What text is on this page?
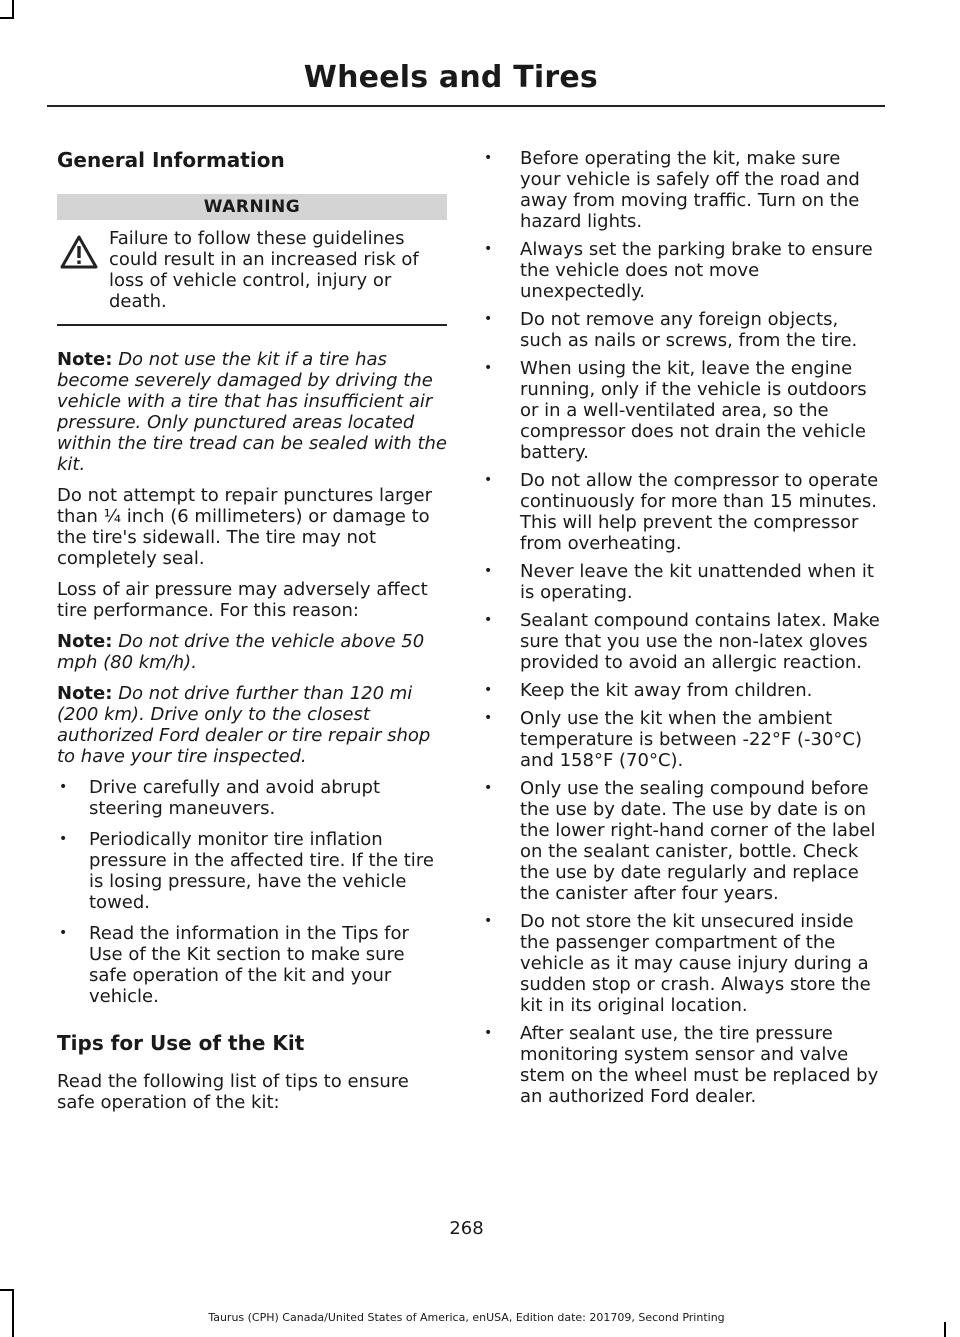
Wheels and Tires
General Information
WARNING

Failure to follow these guidelines could result in an increased risk of loss of vehicle control, injury or death.

Note: Do not use the kit if a tire has become severely damaged by driving the vehicle with a tire that has insufficient air pressure. Only punctured areas located within the tire tread can be sealed with the kit.

Do not attempt to repair punctures larger than ¼ inch (6 millimeters) or damage to the tire's sidewall. The tire may not completely seal.

Loss of air pressure may adversely affect tire performance. For this reason:

Note: Do not drive the vehicle above 50 mph (80 km/h).

Note: Do not drive further than 120 mi (200 km). Drive only to the closest authorized Ford dealer or tire repair shop to have your tire inspected.

• Drive carefully and avoid abrupt steering maneuvers.
• Periodically monitor tire inflation pressure in the affected tire. If the tire is losing pressure, have the vehicle towed.
• Read the information in the Tips for Use of the Kit section to make sure safe operation of the kit and your vehicle.
Tips for Use of the Kit

Read the following list of tips to ensure safe operation of the kit:

• Before operating the kit, make sure your vehicle is safely off the road and away from moving traffic. Turn on the hazard lights.
• Always set the parking brake to ensure the vehicle does not move unexpectedly.
• Do not remove any foreign objects, such as nails or screws, from the tire.
• When using the kit, leave the engine running, only if the vehicle is outdoors or in a well-ventilated area, so the compressor does not drain the vehicle battery.
• Do not allow the compressor to operate continuously for more than 15 minutes. This will help prevent the compressor from overheating.
• Never leave the kit unattended when it is operating.
• Sealant compound contains latex. Make sure that you use the non-latex gloves provided to avoid an allergic reaction.
• Keep the kit away from children.
• Only use the kit when the ambient temperature is between -22°F (-30°C) and 158°F (70°C).
• Only use the sealing compound before the use by date. The use by date is on the lower right-hand corner of the label on the sealant canister, bottle. Check the use by date regularly and replace the canister after four years.
• Do not store the kit unsecured inside the passenger compartment of the vehicle as it may cause injury during a sudden stop or crash. Always store the kit in its original location.
• After sealant use, the tire pressure monitoring system sensor and valve stem on the wheel must be replaced by an authorized Ford dealer.
268
Taurus (CPH) Canada/United States of America, enUSA, Edition date: 201709, Second Printing
